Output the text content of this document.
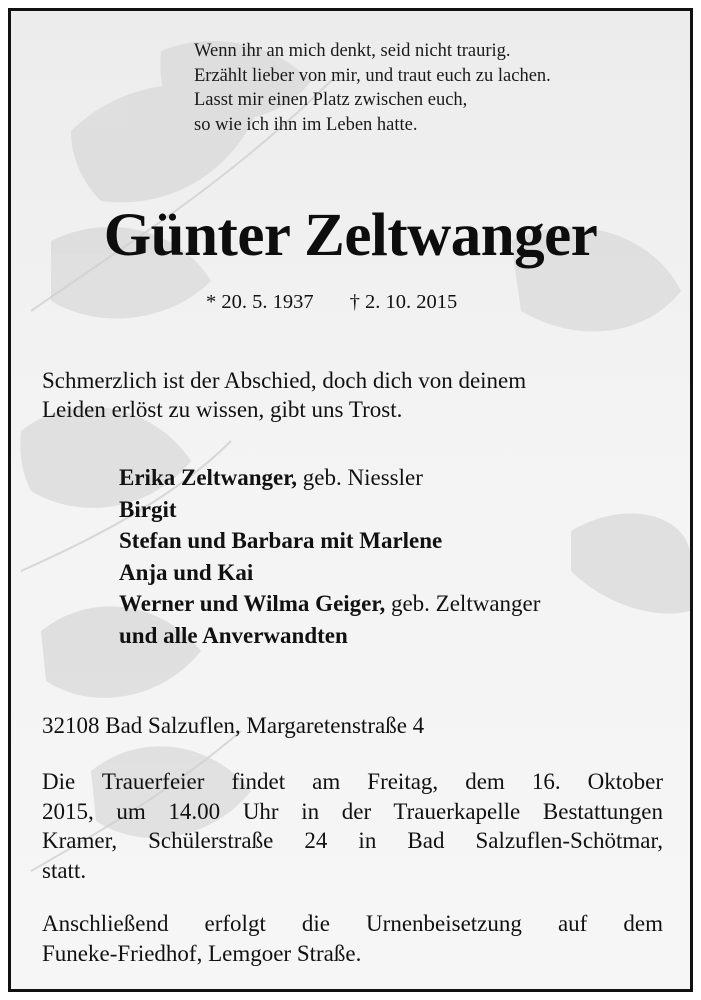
Wenn ihr an mich denkt, seid nicht traurig.
Erzählt lieber von mir, und traut euch zu lachen.
Lasst mir einen Platz zwischen euch,
so wie ich ihn im Leben hatte.
Günter Zeltwanger
* 20. 5. 1937 † 2. 10. 2015
Schmerzlich ist der Abschied, doch dich von deinem
Leiden erlöst zu wissen, gibt uns Trost.
Erika Zeltwanger, geb. Niessler
Birgit
Stefan und Barbara mit Marlene
Anja und Kai
Werner und Wilma Geiger, geb. Zeltwanger
und alle Anverwandten
32108 Bad Salzuflen, Margaretenstraße 4
Die Trauerfeier findet am Freitag, dem 16. Oktober
2015, um 14.00 Uhr in der Trauerkapelle Bestattungen
Kramer, Schülerstraße 24 in Bad Salzuflen-Schötmar,
statt.
Anschließend erfolgt die Urnenbeisetzung auf dem
Funeke-Friedhof, Lemgoer Straße.
